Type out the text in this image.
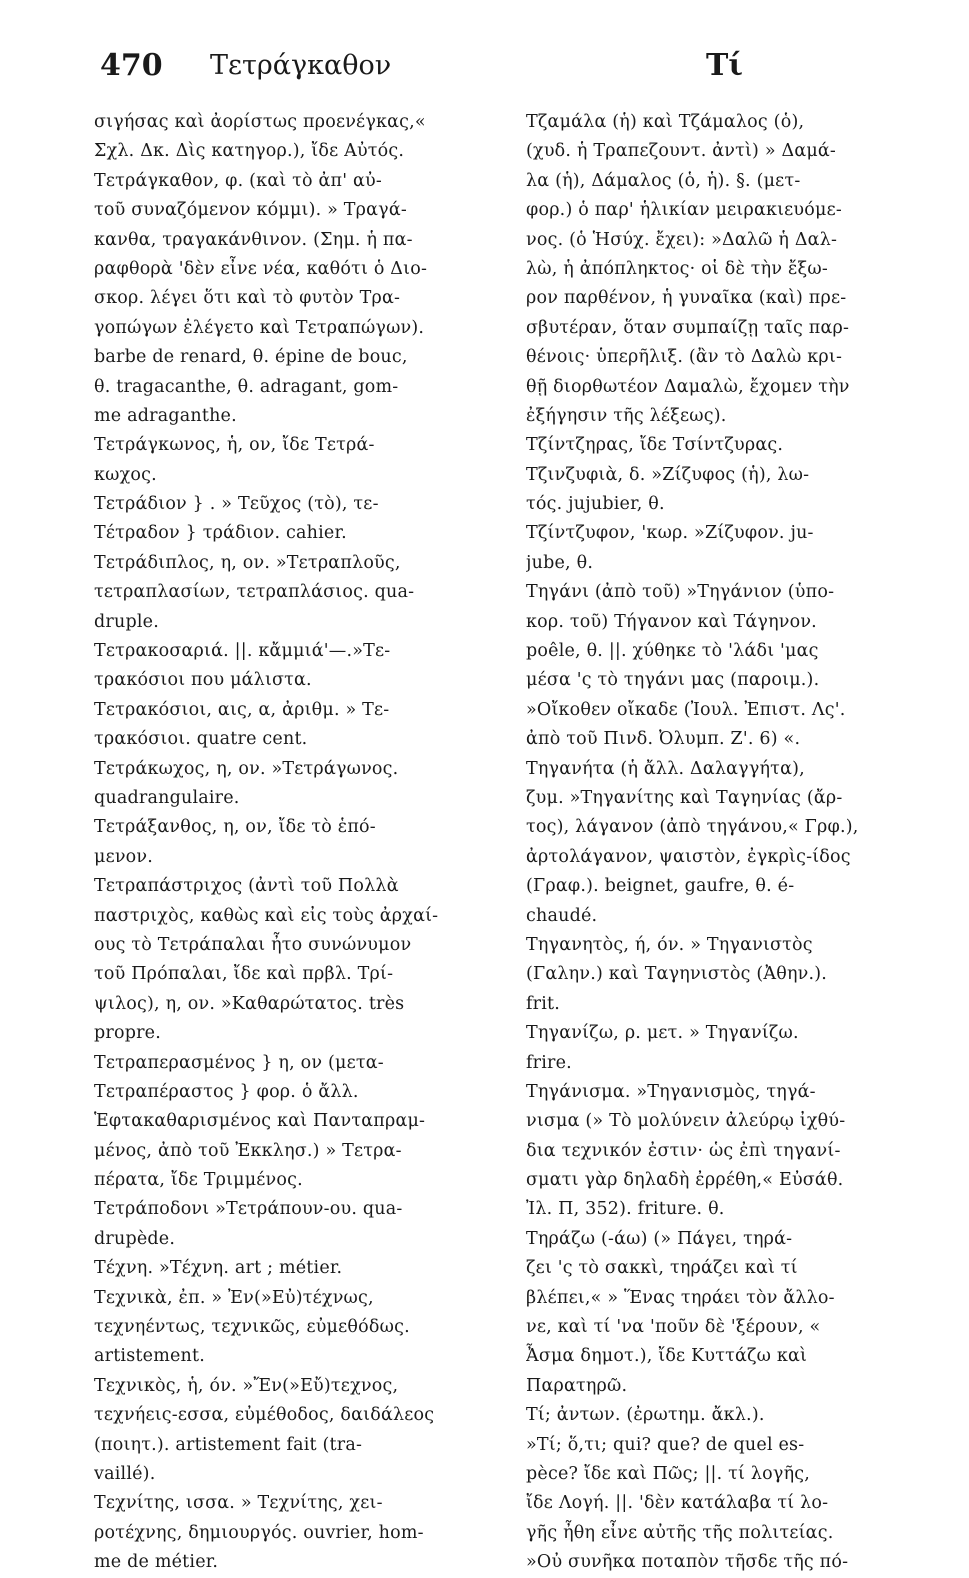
470 Τετράγκαθον	Τί
σιγήσας καὶ ἀορίστως προενέγκας,«
Σχλ. Δκ. Δὶς κατηγορ.), ἴδε Αὐτός.
Τετράγκαθον, φ. (καὶ τὸ ἀπ' αὐ-
τοῦ συναζόμενον κόμμι). » Τραγά-
κανθα, τραγακάνθινον. (Σημ. ἡ πα-
ραφθορὰ 'δὲν εἶνε νέα, καθότι ὁ Διο-
σκορ. λέγει ὅτι καὶ τὸ φυτὸν Τρα-
γοπώγων ἐλέγετο καὶ Τετραπώγων).
barbe de renard, θ. épine de bouc,
θ. tragacanthe, θ. adragant, gom-
me adraganthe.
Τετράγκωνος, ἡ, ον, ἴδε Τετρά-
κωχος.
Τετράδιον } . » Τεῦχος (τὸ), τε-
Τέτραδον } τράδιον. cahier.
Τετράδιπλος, η, ον. »Τετραπλοῦς,
τετραπλασίων, τετραπλάσιος. qua-
druple.
Τετρακοσαριά. ||. κἄμμιά'—.»Τε-
τρακόσιοι που μάλιστα.
Τετρακόσιοι, αις, α, ἀριθμ. » Τε-
τρακόσιοι. quatre cent.
Τετράκωχος, η, ον. »Τετράγωνος.
quadrangulaire.
Τετράξανθος, η, ον, ἴδε τὸ ἑπό-
μενον.
Τετραπάστριχος (ἀντὶ τοῦ Πολλὰ
παστριχὸς, καθὼς καὶ εἰς τοὺς ἀρχαί-
ους τὸ Τετράπαλαι ἦτο συνώνυμον
τοῦ Πρόπαλαι, ἴδε καὶ πρβλ. Τρί-
ψιλος), η, ον. »Καθαρώτατος. très
propre.
Τετραπερασμένος } η, ον (μετα-
Τετραπέραστος } φορ. ὁ ἄλλ.
Ἑφτακαθαρισμένος καὶ Πανταπραμ-
μένος, ἀπὸ τοῦ Ἐκκλησ.) » Τετρα-
πέρατα, ἴδε Τριμμένος.
Τετράποδονι »Τετράπουν-ου. qua-
drupède.
Τέχνη. »Τέχνη. art ; métier.
Τεχνικὰ, ἐπ. » Ἐν(»Εὐ)τέχνως,
τεχνηέντως, τεχνικῶς, εὐμεθόδως.
artistement.
Τεχνικὸς, ἡ, όν. »Ἔν(»Εὔ)τεχνος,
τεχνήεις-εσσα, εὐμέθοδος, δαιδάλεος
(ποιητ.). artistement fait (tra-
vaillé).
Τεχνίτης, ισσα. » Τεχνίτης, χει-
ροτέχνης, δημιουργός. ouvrier, hom-
me de métier.
Τζαμάλα (ἡ) καὶ Τζάμαλος (ὁ),
(χυδ. ἡ Τραπεζουντ. ἀντὶ) » Δαμά-
λα (ἡ), Δάμαλος (ὁ, ἡ). §. (μετ-
φορ.) ὁ παρ' ἡλικίαν μειρακιευόμε-
νος. (ὁ Ἡσύχ. ἔχει): »Δαλῶ ἡ Δαλ-
λὼ, ἡ ἀπόπληκτος· οἱ δὲ τὴν ἔξω-
ρον παρθένον, ἡ γυναῖκα (καὶ) πρε-
σβυτέραν, ὅταν συμπαίζῃ ταῖς παρ-
θένοις· ὑπερῆλιξ. (ἂν τὸ Δαλὼ κρι-
θῇ διορθωτέον Δαμαλὼ, ἔχομεν τὴν
ἐξήγησιν τῆς λέξεως).
Τζίντζηρας, ἴδε Τσίντζυρας.
Τζινζυφιὰ, δ. »Ζίζυφος (ἡ), λω-
τός. jujubier, θ.
Τζίντζυφον, 'κωρ. »Ζίζυφον. ju-
jube, θ.
Τηγάνι (ἀπὸ τοῦ) »Τηγάνιον (ὑπο-
κορ. τοῦ) Τήγανον καὶ Τάγηνον.
poêle, θ. ||. χύθηκε τὸ 'λάδι 'μας
μέσα 'ς τὸ τηγάνι μας (παροιμ.).
»Οἴκοθεν οἴκαδε (Ἰουλ. Ἐπιστ. Λς'.
ἀπὸ τοῦ Πινδ. Ὀλυμπ. Ζ'. 6) «.
Τηγανήτα (ἡ ἄλλ. Δαλαγγήτα),
ζυμ. »Τηγανίτης καὶ Ταγηνίας (ἄρ-
τος), λάγανον (ἀπὸ τηγάνου,« Γρφ.),
ἀρτολάγανον, ψαιστὸν, ἐγκρὶς-ίδος
(Γραφ.). beignet, gaufre, θ. é-
chaudé.
Τηγανητὸς, ή, όν. » Τηγανιστὸς
(Γαλην.) καὶ Ταγηνιστὸς (Ἀθην.).
frit.
Τηγανίζω, ρ. μετ. » Τηγανίζω.
frire.
Τηγάνισμα. »Τηγανισμὸς, τηγά-
νισμα (» Τὸ μολύνειν ἀλεύρῳ ἰχθύ-
δια τεχνικόν ἐστιν· ὡς ἐπὶ τηγανί-
σματι γὰρ δηλαδὴ ἐρρέθη,« Εὐσάθ.
Ἰλ. Π, 352). friture. θ.
Τηράζω (-άω) (» Πάγει, τηρά-
ζει 'ς τὸ σακκὶ, τηράζει καὶ τί
βλέπει,« » Ἕνας τηράει τὸν ἄλλο-
νε, καὶ τί 'να 'ποῦν δὲ 'ξέρουν, «
Ἆσμα δημοτ.), ἴδε Κυττάζω καὶ
Παρατηρῶ.
Τί; ἀντων. (ἐρωτημ. ἄκλ.).
»Τί; ὅ,τι; qui? que? de quel es-
pèce? ἴδε καὶ Πῶς; ||. τί λογῆς,
ἴδε Λογή. ||. 'δὲν κατάλαβα τί λο-
γῆς ἦθη εἶνε αὐτῆς τῆς πολιτείας.
»Οὐ συνῆκα ποταπὸν τῆσδε τῆς πό-
